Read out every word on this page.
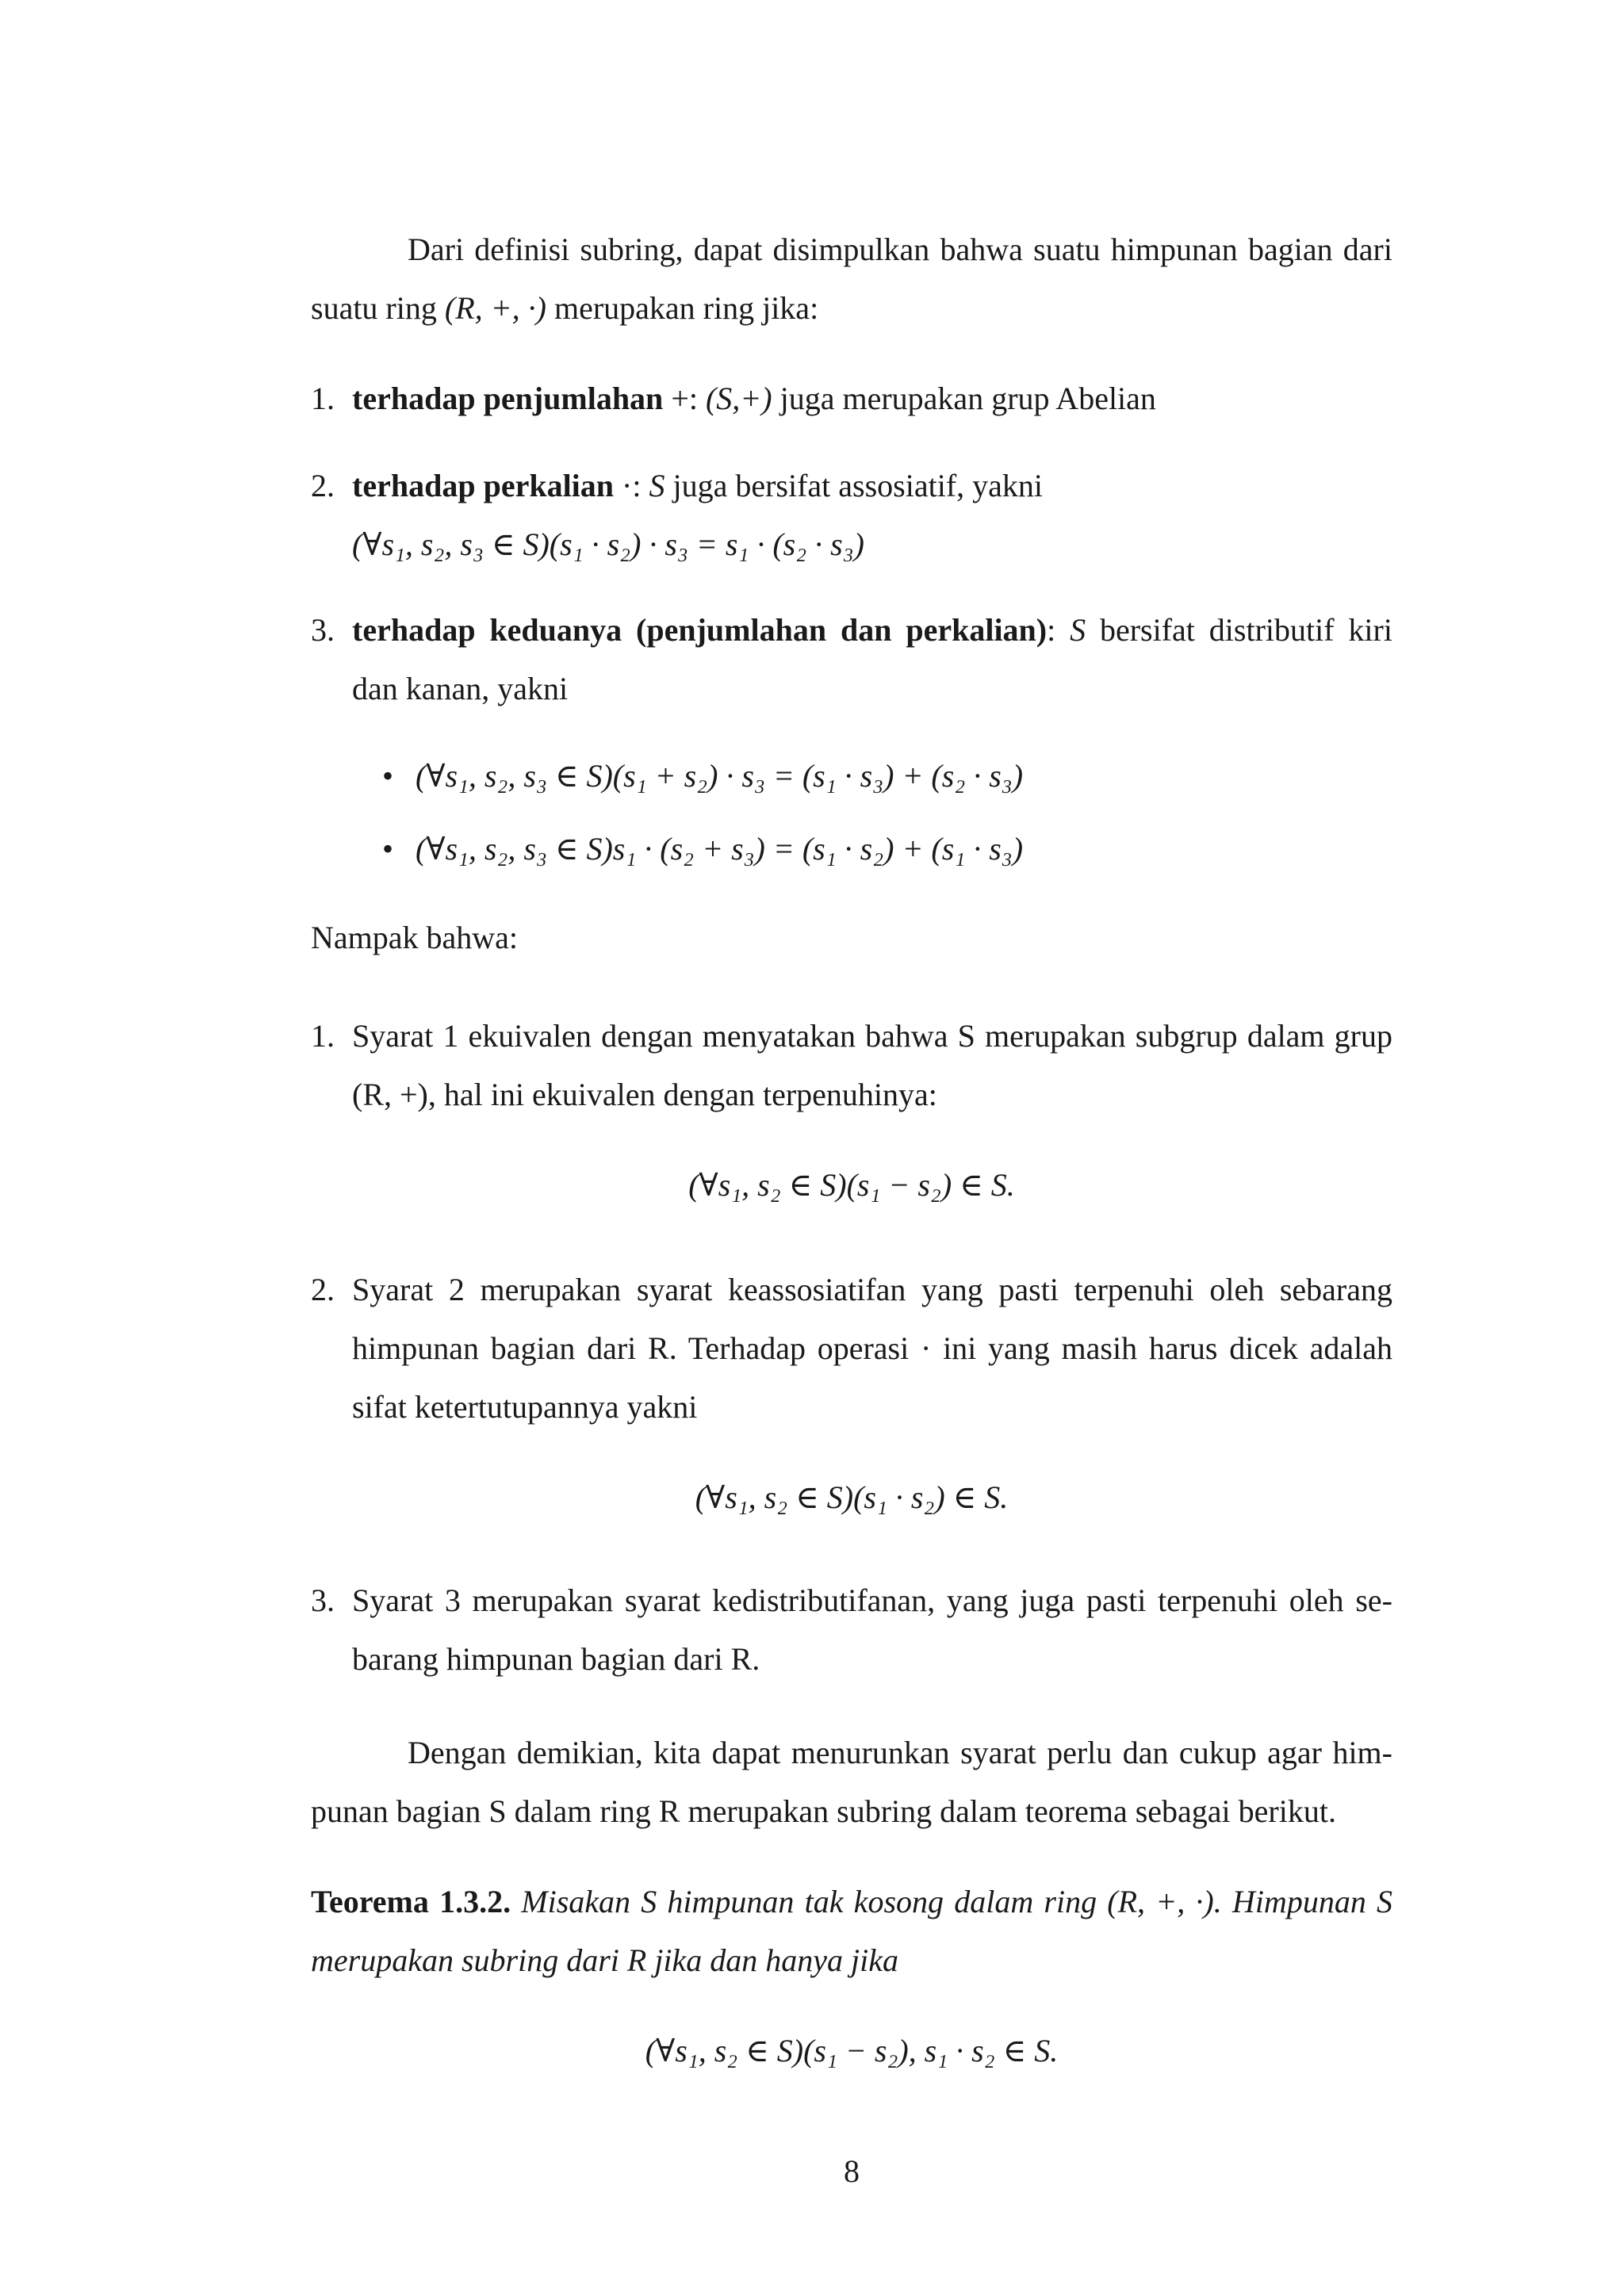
Dari definisi subring, dapat disimpulkan bahwa suatu himpunan bagian dari suatu ring (R, +, ·) merupakan ring jika:

1. terhadap penjumlahan +: (S,+) juga merupakan grup Abelian
2. terhadap perkalian ·: S juga bersifat assosiatif, yakni
(∀s₁, s₂, s₃ ∈ S)(s₁ · s₂) · s₃ = s₁ · (s₂ · s₃)
3. terhadap keduanya (penjumlahan dan perkalian): S bersifat distributif kiri dan kanan, yakni
• (∀s₁, s₂, s₃ ∈ S)(s₁ + s₂) · s₃ = (s₁ · s₃) + (s₂ · s₃)
• (∀s₁, s₂, s₃ ∈ S)s₁ · (s₂ + s₃) = (s₁ · s₂) + (s₁ · s₃)
Nampak bahwa:
1. Syarat 1 ekuivalen dengan menyatakan bahwa S merupakan subgrup dalam grup (R, +), hal ini ekuivalen dengan terpenuhinya:
(∀s₁, s₂ ∈ S)(s₁ − s₂) ∈ S.
2. Syarat 2 merupakan syarat keassosiatifan yang pasti terpenuhi oleh sebarang himpunan bagian dari R. Terhadap operasi · ini yang masih harus dicek adalah sifat ketertutupannya yakni
(∀s₁, s₂ ∈ S)(s₁ · s₂) ∈ S.
3. Syarat 3 merupakan syarat kedistributifanan, yang juga pasti terpenuhi oleh se-barang himpunan bagian dari R.

Dengan demikian, kita dapat menurunkan syarat perlu dan cukup agar him-punan bagian S dalam ring R merupakan subring dalam teorema sebagai berikut.

Teorema 1.3.2. Misakan S himpunan tak kosong dalam ring (R, +, ·). Himpunan S merupakan subring dari R jika dan hanya jika

(∀s₁, s₂ ∈ S)(s₁ − s₂), s₁ · s₂ ∈ S.
8
